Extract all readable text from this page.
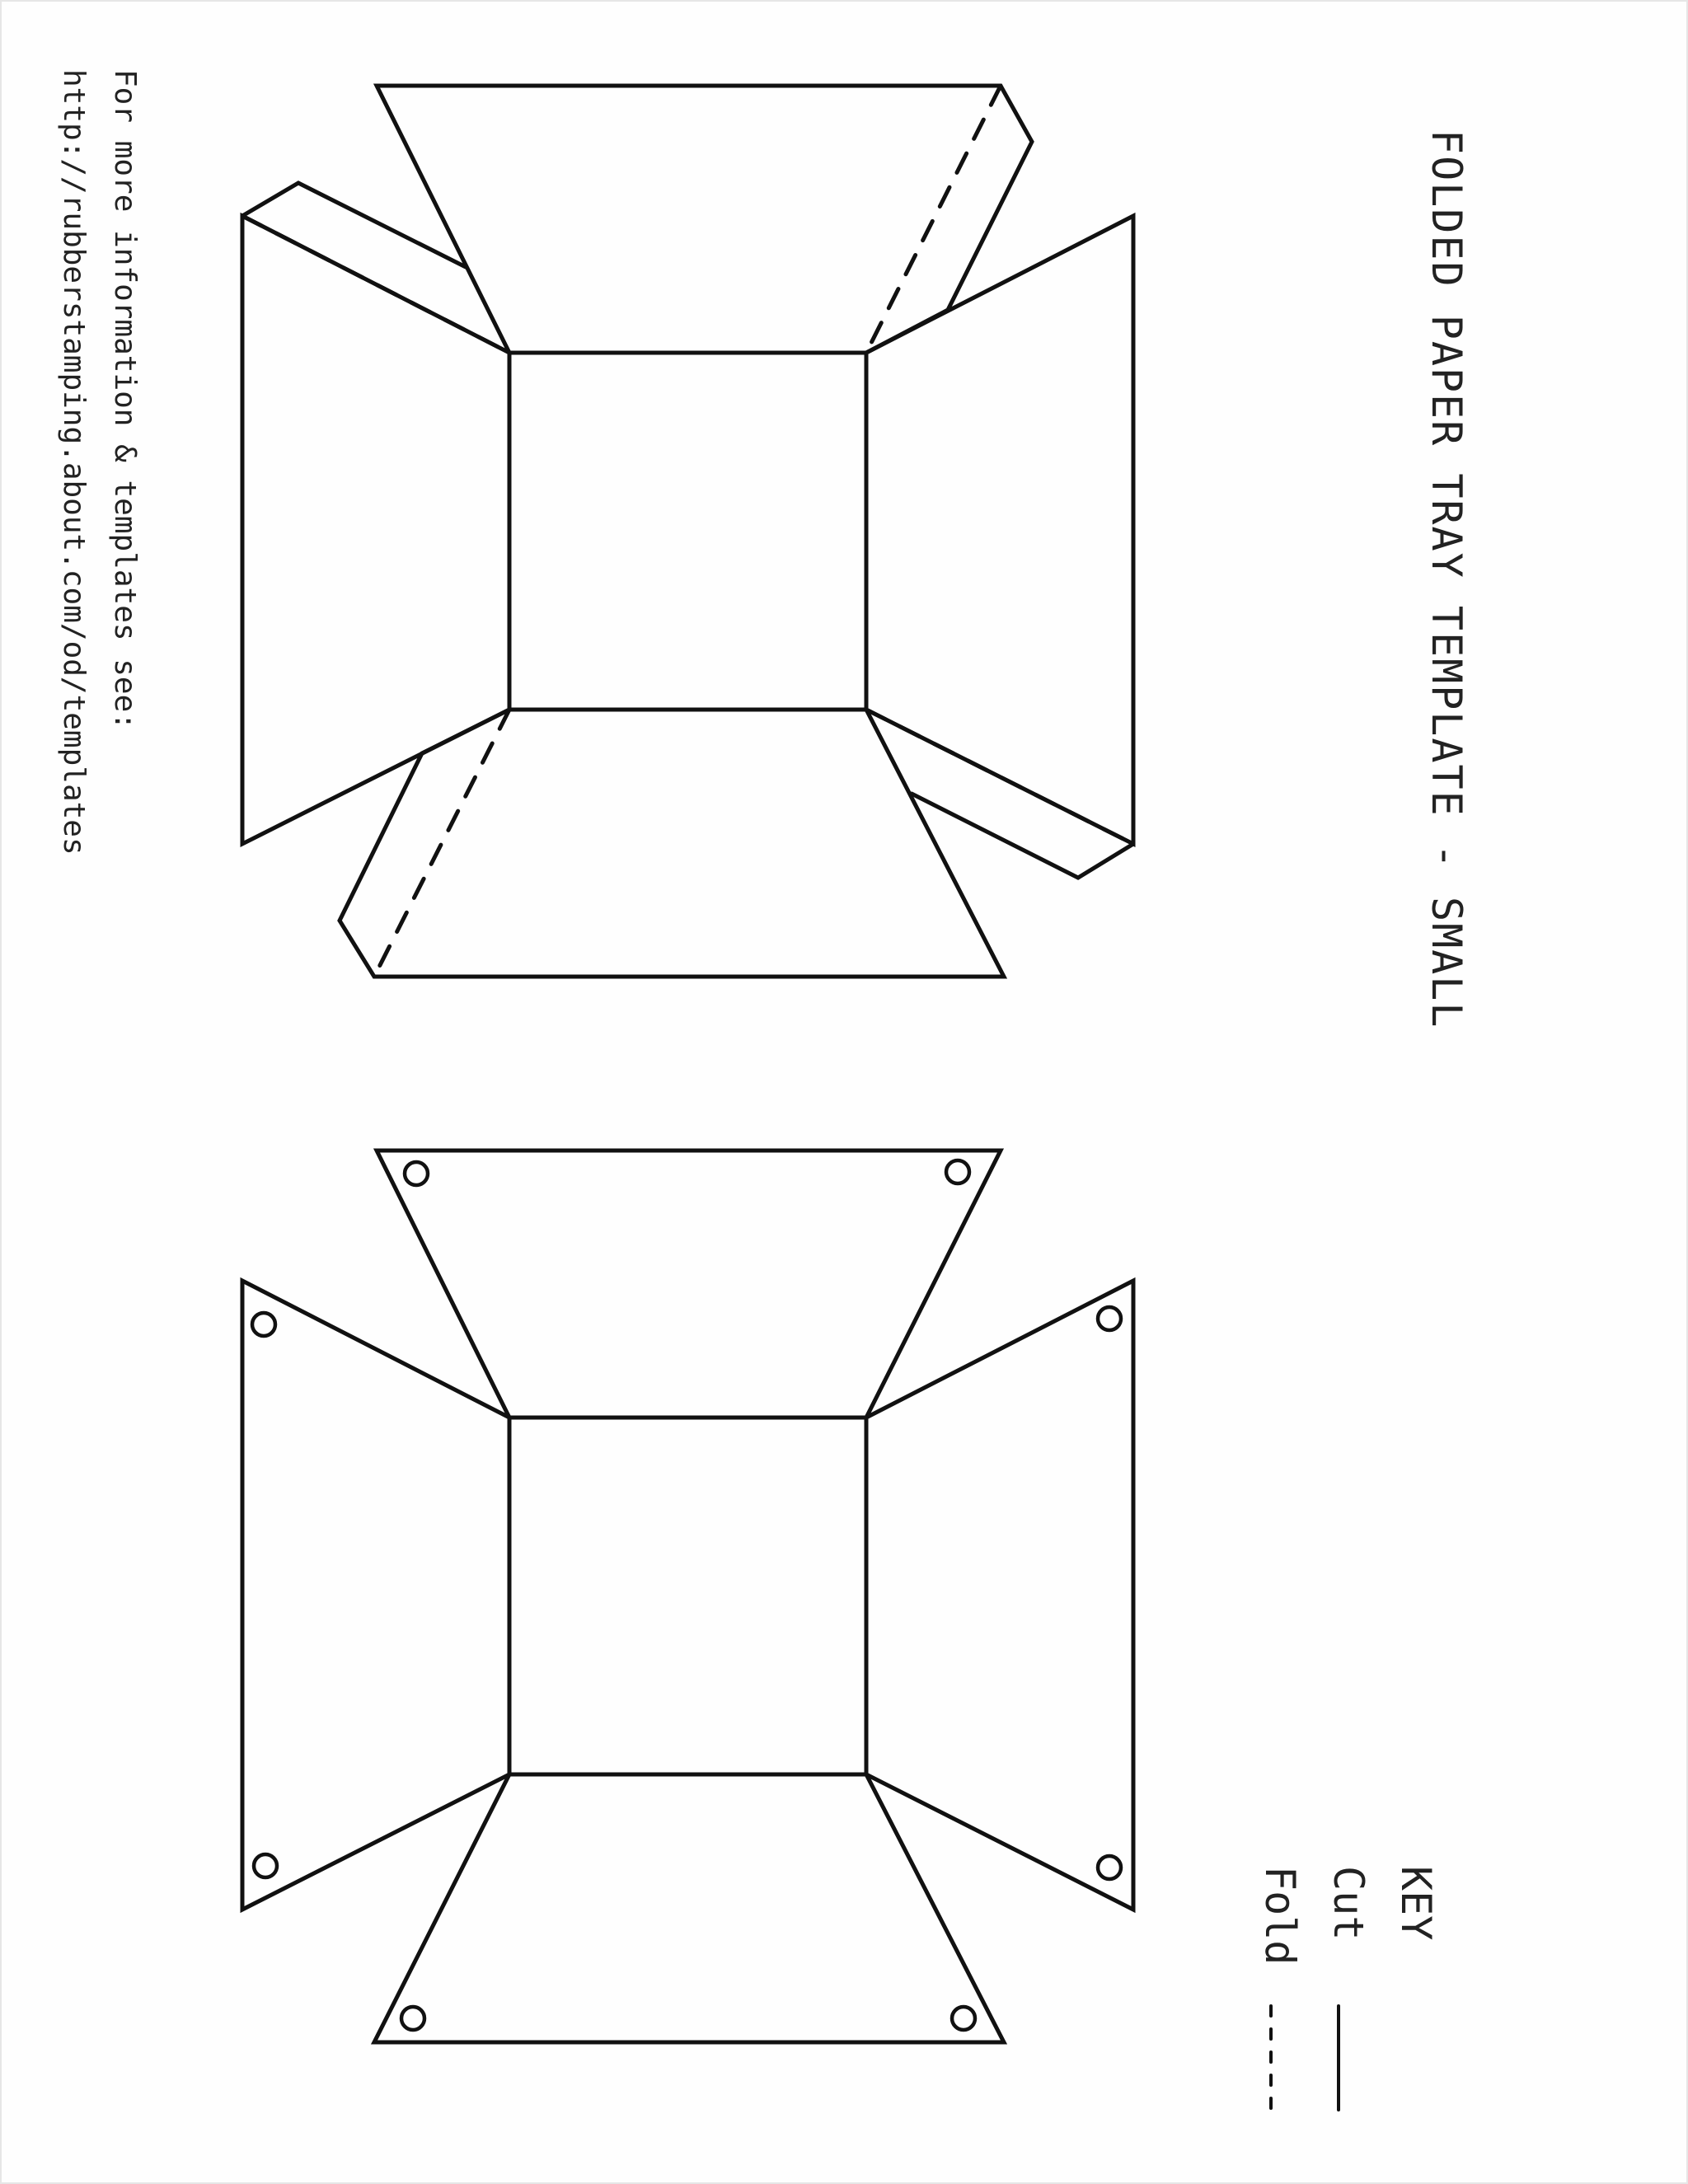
FOLDED PAPER TRAY TEMPLATE - SMALL
For more information & templates see:
http://rubberstamping.about.com/od/templates
KEY
Cut
Fold
